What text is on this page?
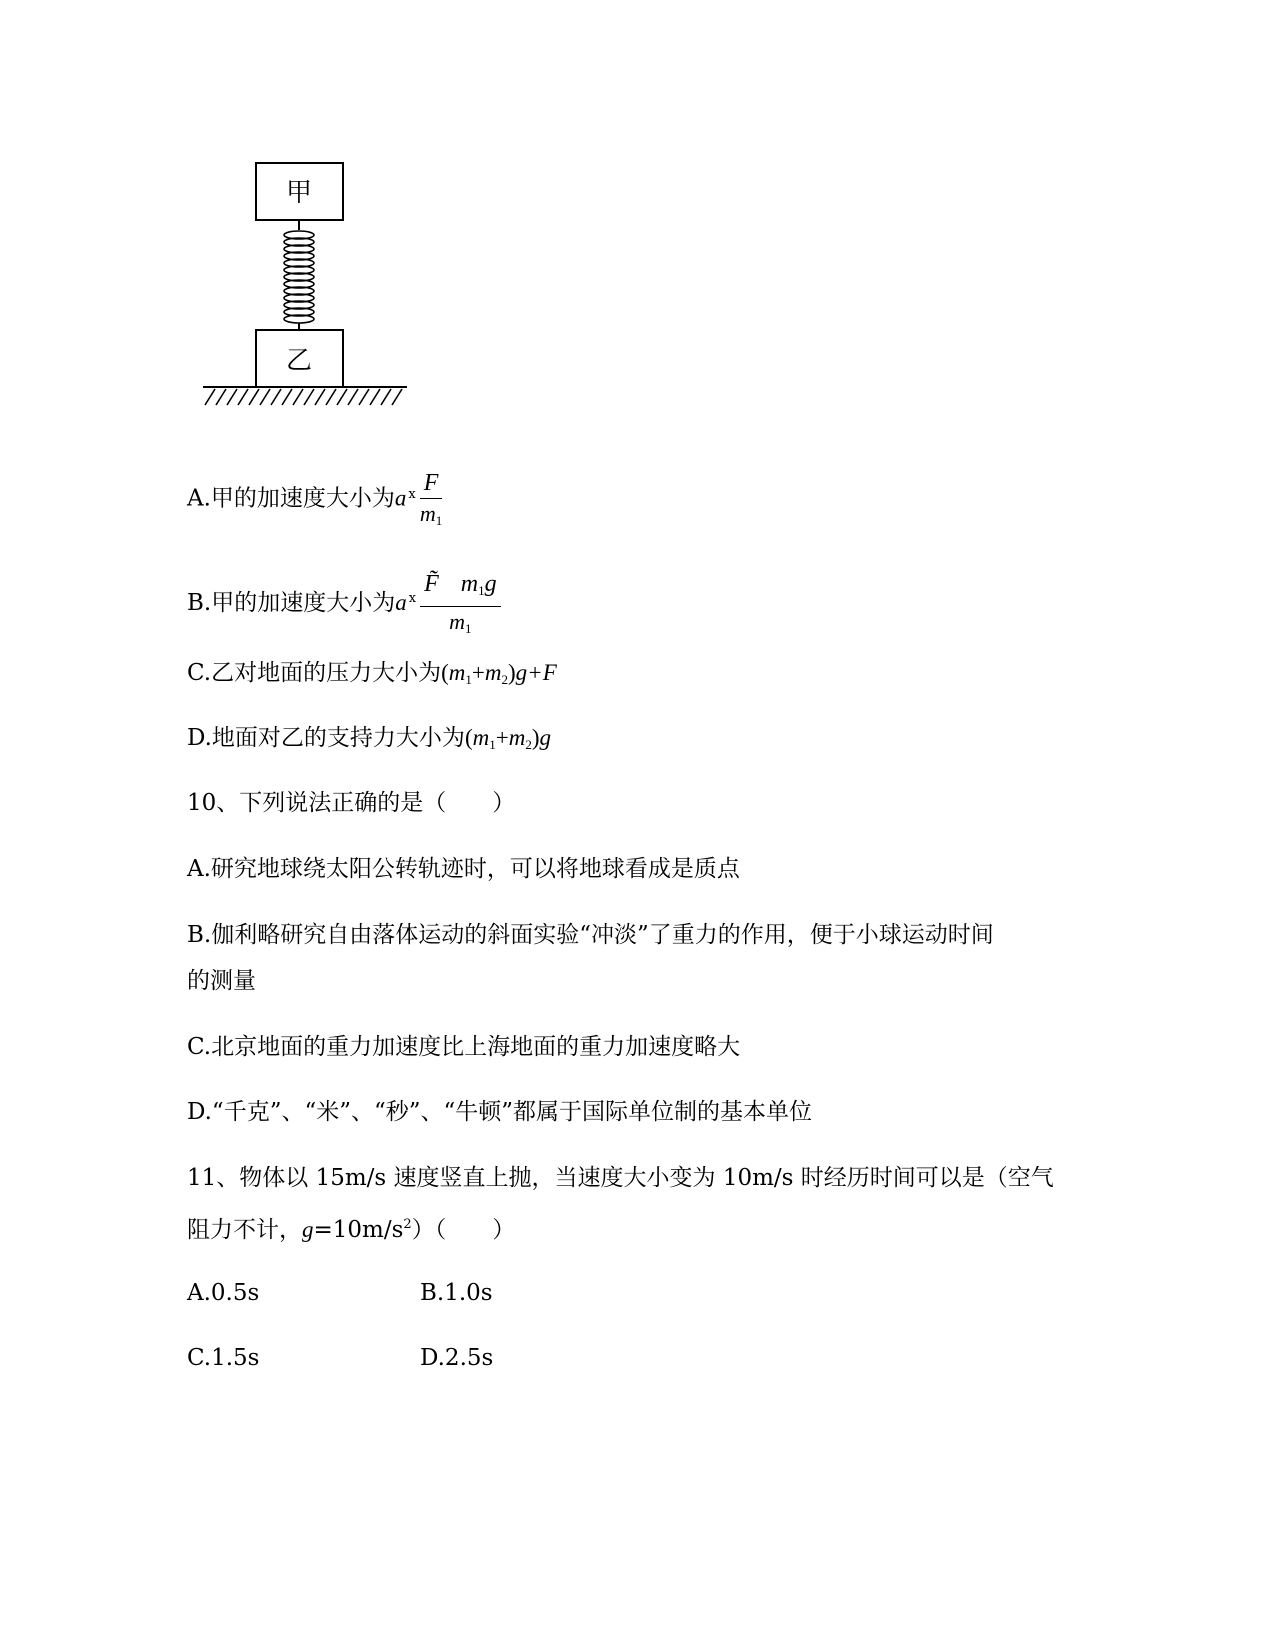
甲
乙
A.甲的加速度大小为a $^ⅹ \frac{F}{m_1}$
B.甲的加速度大小为a $^ⅹ \frac{F̃ m_1g}{m_1}$
C.乙对地面的压力大小为$(m_1+m_2)g+F$
D.地面对乙的支持力大小为$(m_1+m_2)g$
10、下列说法正确的是（　　）
A.研究地球绕太阳公转轨迹时，可以将地球看成是质点
B.伽利略研究自由落体运动的斜面实验“冲淡”了重力的作用，便于小球运动时间
的测量
C.北京地面的重力加速度比上海地面的重力加速度略大
D.“千克”、“米”、“秒”、“牛顿”都属于国际单位制的基本单位
11、物体以 15m/s 速度竖直上抛，当速度大小变为 10m/s 时经历时间可以是（空气
阻力不计，$g=10m/s^2$）（　　）
A.0.5s	B.1.0s
C.1.5s	D.2.5s
